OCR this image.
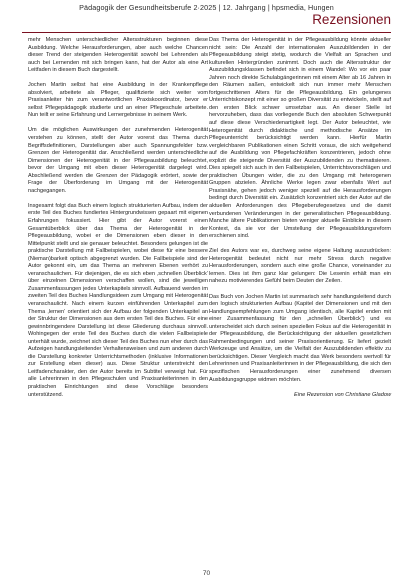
Pädagogik der Gesundheitsberufe 2·2025 | 12. Jahrgang | hpsmedia, Hungen
Rezensionen

mehr Menschen unterschiedlicher Altersstrukturen beginnen diese Ausbildung. Welche Herausforderungen, aber auch welche Chancen dieser Trend der steigenden Heterogenität sowohl bei Lehrenden als auch bei Lernenden mit sich bringen kann, hat der Autor als eine Art Leitfaden in diesem Buch dargestellt.

Jochen Martin selbst hat eine Ausbildung in der Krankenpflege absolviert, arbeitete als Pfleger, qualifizierte sich weiter vom Praxisanleiter hin zum verantwortlichen Praxiskoordinator, bevor er selbst Pflegepädagogik studierte und an einer Pflegeschule arbeitete. Nun teilt er seine Erfahrung und Lernergebnisse in seinem Werk.

Um die möglichen Auswirkungen der zunehmenden Heterogenität verstehen zu können, stellt der Autor vorerst das Thema durch Begriffsdefinitionen, Darstellungen aber auch Spannungsfelder bzw. Grenzen der Heterogenität dar. Anschließend werden unterschiedliche Dimensionen der Heterogenität in der Pflegeausbildung beleuchtet, bevor der Umgang mit eben dieser Heterogenität dargelegt wird. Abschließend werden die Grenzen der Pädagogik erörtert, sowie der Frage der Überforderung im Umgang mit der Heterogenität nachgegangen.

Insgesamt folgt das Buch einem logisch strukturierten Aufbau, indem der erste Teil des Buches fundiertes Hintergrundwissen gepaart mit eigenen Erfahrungen fokussiert. Hier gibt der Autor vorerst einen Gesamtüberblick über das Thema der Heterogenität in der Pflegeausbildung, wobei er die Dimensionen eben dieser in den Mittelpunkt stellt und sie genauer beleuchtet. Besonders gelungen ist die praktische Darstellung mit Fallbeispielen, wobei diese für eine bessere (Nieman)barkeit optisch abgegrenzt wurden. Die Fallbeispiele sind der Autor gekonnt ein, um das Thema an mehreren Ebenen verhört zu veranschaulichen. Für diejenigen, die es sich eben ‚schnellen Überblick‘ über einzelnen Dimensionen verschaffen wollen, sind die jeweiligen Zusammenfassungen jedes Unterkapitels sinnvoll. Aufbauend werden im zweiten Teil des Buches Handlungsideen zum Umgang mit Heterogenität veranschaulicht. Nach einem kurzen einführenden Unterkapitel zum Thema ‚lernen‘ orientiert sich der Aufbau der folgenden Unterkapitel an der Struktur der Dimensionen aus dem ersten Teil des Buches. Für eine gewinnbringendere Darstellung ist diese Gliederung durchaus sinnvoll. Wohingegen der erste Teil des Buches durch die vielen Fallbeispiele unterhält wurde, zeichnet sich dieser Teil des Buches nun eher durch das Aufzeigen handlungsleitender Verhaltensweisen und zum anderen durch die Darstellung konkreter Unterrichtsmethoden (inklusive Informationen zur Erstellung eben dieser) aus. Diese Struktur unterstreicht den Leitfadencharakter, den der Autor bereits im Subtitel verweigt hat. Für alle Lehrerinnen in den Pflegeschulen und Praxisanleiterinnen in den praktischen Einrichtungen sind diese Vorschläge besonders unterstützend.

Das Thema der Heterogenität in der Pflegeausbildung könnte aktueller nicht sein: Die Anzahl der internationalen Auszubildenden in der Pflegeausbildung steigt stetig, wodurch die Vielfalt an Sprachen und kulturellen Hintergründen zunimmt. Doch auch die Altersstruktur der Auszubildungsklassen befindet sich in einem Wandel: Wo vor ein paar Jahren noch direkte Schulabgängerinnen mit einem Alter ab 16 Jahren in den Räumen saßen, entwickelt sich nun immer mehr Menschen fortgeschrittenen Alters für die Pflegeausbildung. Ein gelungenes Unterrichtskonzept mit einer so großen Diversität zu entwickeln, stellt auf den ersten Blick schwer umsetzbar aus. An dieser Stelle ist hervorzuheben, dass das vorliegende Buch den absoluten Schwerpunkt auf diese diese Verschiedenartigkeit legt. Der Autor beleuchtet, wie Heterogenität durch didaktische und methodische Ansätze im Pflegeunterricht berücksichtigt werden kann. Hierfür Martin vergleichbaren Publikationen einen Schritt voraus, die sich weitgehend auf die Ausbildung von Pflegefachkräften konzentrieren, jedoch ohne explizit die steigende Diversität der Auszubildenden zu thematisieren. Dies spiegelt sich auch in den Fallbeispielen, Unterrichtsvorschlägen und praktischen Übungen wider, die zu den Umgang mit heterogenen Gruppen abzielen. Ähnliche Werke legen zwar ebenfalls Wert auf Praxisnähe, gehen jedoch weniger speziell auf die Herausforderungen bedingt durch Diversität ein. Zusätzlich konzentriert sich der Autor auf die aktuellen Anforderungen des Pflegeberufegesetzes und die damit verbundenen Veränderungen in der generalistischen Pflegeausbildung. Manche ältere Publikationen bieten weniger aktuelle Einblicke in diesem Kontext, da sie vor der Umstellung der Pflegeausbildungsreform erschienen sind.

Ziel des Autors war es, durchweg seine eigene Haltung auszudrücken: Heterogenität bedeutet nicht nur mehr Stress durch negative Herausforderungen, sondern auch eine große Chance, voneinander zu lernen. Dies ist ihm ganz klar gelungen: Die Lesenin erhält man ein nahezu motivierendes Gefühl beim Deuten der Zeilen.

Das Buch von Jochen Martin ist summarisch sehr handlungsleitend durch den logisch strukturierten Aufbau (Kapitel der Dimensionen und mit den Handlungsempfehlungen zum Umgang identisch, alle Kapitel enden mit einer Zusammenfassung für den „schnellen Überblick“) und es unterscheidet sich durch seinen speziellen Fokus auf die Heterogenität in der Pflegeausbildung, die Berücksichtigung der aktuellen gesetzlichen Rahmenbedingungen und seiner Praxisorientierung. Er liefert gezielt Werkzeuge und Ansätze, um die Vielfalt der Auszubildenden effektiv zu berücksichtigen. Dieser Vergleich macht das Werk besonders wertvoll für Lehrerinnen und Praxisanleiterinnen in der Pflegeausbildung, die sich den spezifischen Herausforderungen einer zunehmend diversen Ausbildungsgruppe widmen möchten.

Eine Rezension von Christiane Gladow
70
